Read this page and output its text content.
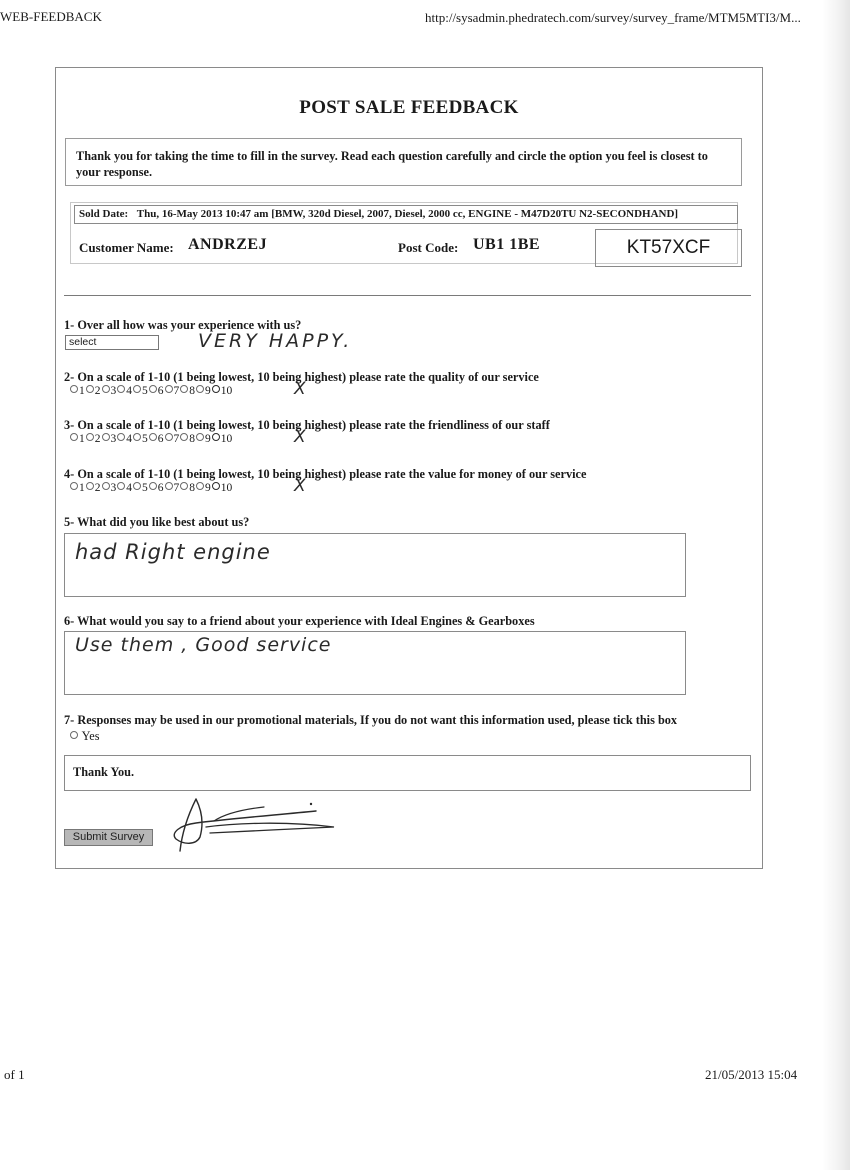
WEB-FEEDBACK	http://sysadmin.phedratech.com/survey/survey_frame/MTM5MTI3/M...
POST SALE FEEDBACK
Thank you for taking the time to fill in the survey. Read each question carefully and circle the option you feel is closest to your response.
Sold Date: Thu, 16-May 2013 10:47 am [BMW, 320d Diesel, 2007, Diesel, 2000 cc, ENGINE - M47D20TU N2-SECONDHAND]
Customer Name: ANDRZEJ	Post Code: UB1 1BE	KT57XCF
1- Over all how was your experience with us?
select	VERY HAPPY.
2- On a scale of 1-10 (1 being lowest, 10 being highest) please rate the quality of our service
1 2 3 4 5 6 7 8 9 10	X
3- On a scale of 1-10 (1 being lowest, 10 being highest) please rate the friendliness of our staff
1 2 3 4 5 6 7 8 9 10	X
4- On a scale of 1-10 (1 being lowest, 10 being highest) please rate the value for money of our service
1 2 3 4 5 6 7 8 9 10	X
5- What did you like best about us?
had Right engine
6- What would you say to a friend about your experience with Ideal Engines & Gearboxes
Use them , Good service
7- Responses may be used in our promotional materials, If you do not want this information used, please tick this box
Yes
Thank You.
Submit Survey
of 1	21/05/2013 15:04
